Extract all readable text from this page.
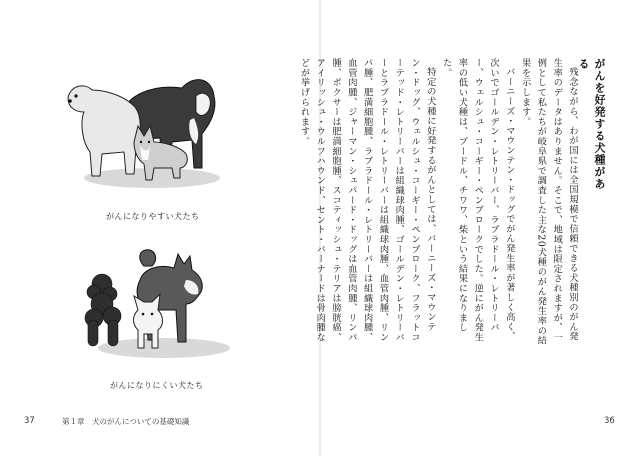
がんになりやすい犬たち
がんになりにくい犬たち
37	第１章　犬のがんについての基礎知識
がんを好発する犬種がある

残念ながら、わが国には全国規模で信頼できる犬種別のがん発生率のデータはありません。そこで、地域は限定されますが、一例として私たちが岐阜県で調査した主な20犬種のがん発生率の結果を示します。

バーニーズ・マウンテン・ドッグでがん発生率が著しく高く、次いでゴールデン・レトリーバー、ラブラドール・レトリーバー、ウェルシュ・コーギー・ペンブロークでした。逆にがん発生率の低い犬種は、プードル、チワワ、柴という結果になりました。

特定の犬種に好発するがんとしては、バーニーズ・マウンテン・ドッグ、ウェルシュ・コーギー・ペンブローク、フラットコーテッド・レトリーバーは組織球肉腫、ゴールデン・レトリーバーとラブラドール・レトリーバーは組織球肉腫、血管肉腫、リンパ腫、肥満細胞腫、ラブラドール・レトリーバーは組織球肉腫、血管肉腫、ジャーマン・シェパード・ドッグは血管肉腫、リンパ腫、ボクサーは肥満細胞腫、スコティッシュ・テリアは膀胱癌、アイリッシュ・ウルフハウンド、セント・バーナードは骨肉腫などが挙げられます。

36
